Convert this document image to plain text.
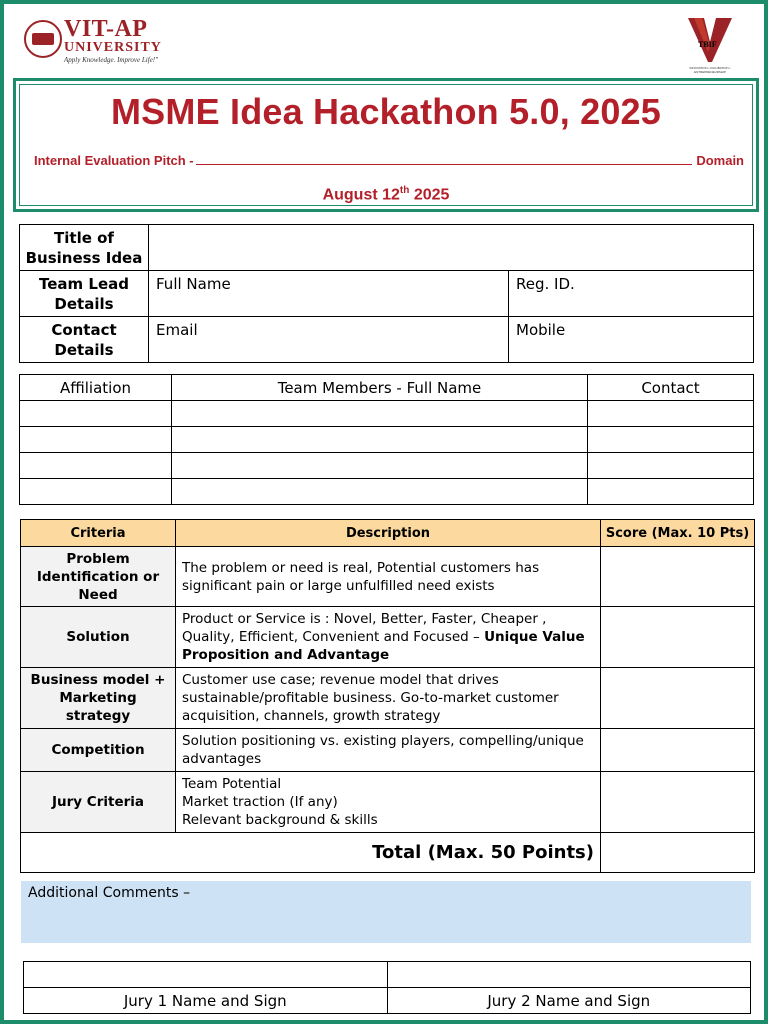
VIT-AP
UNIVERSITY
Apply Knowledge. Improve Life!"
TBIF
INNOVATION • INCUBATION • ENTREPRENEURSHIP
MSME Idea Hackathon 5.0, 2025
Internal Evaluation Pitch -	Domain
August 12th 2025
Title of Business Idea		
Team Lead Details	Full Name	Reg. ID.
Contact Details	Email	Mobile
Affiliation	Team Members - Full Name	Contact

Criteria	Description	Score (Max. 10 Pts)
Problem Identification or Need	The problem or need is real, Potential customers has significant pain or large unfulfilled need exists	
Solution	Product or Service is : Novel, Better, Faster, Cheaper , Quality, Efficient, Convenient and Focused – Unique Value Proposition and Advantage	
Business model + Marketing strategy	Customer use case; revenue model that drives sustainable/profitable business. Go-to-market customer acquisition, channels, growth strategy	
Competition	Solution positioning vs. existing players, compelling/unique advantages	
Jury Criteria	Team Potential
Market traction (If any)
Relevant background & skills	
Total (Max. 50 Points)		
Additional Comments –

Jury 1 Name and Sign	Jury 2 Name and Sign
